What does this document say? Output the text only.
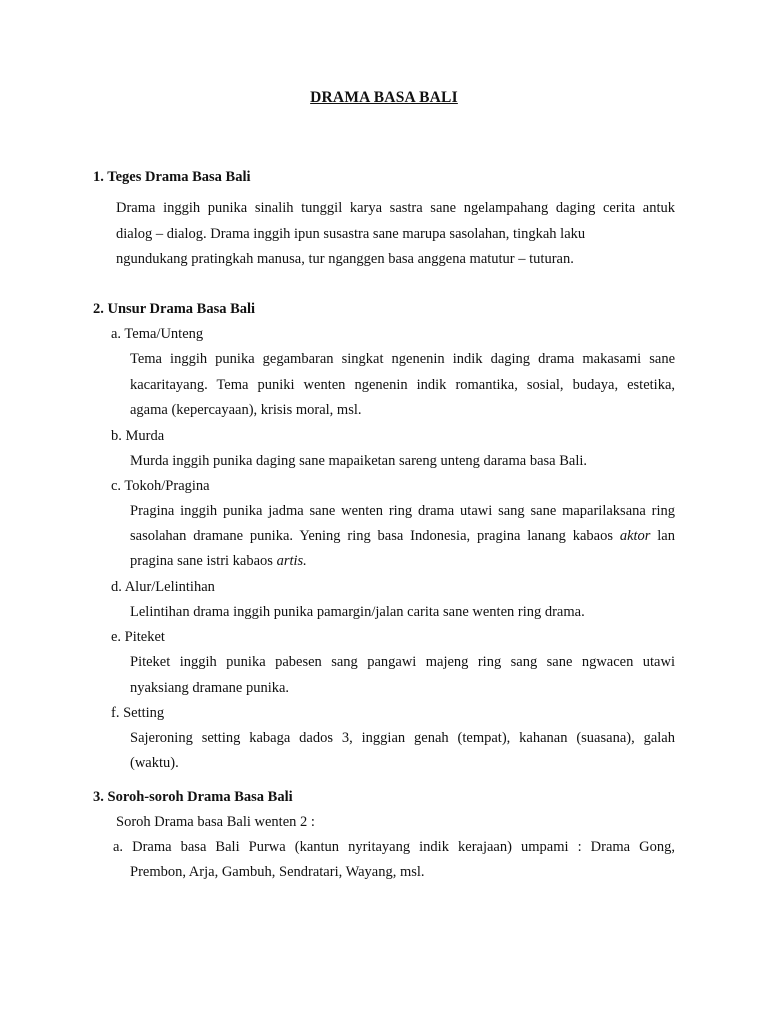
DRAMA BASA BALI
1. Teges Drama Basa Bali
Drama inggih punika sinalih tunggil karya sastra sane ngelampahang daging cerita antuk
dialog – dialog. Drama inggih ipun susastra sane marupa sasolahan, tingkah laku
ngundukang pratingkah manusa, tur nganggen basa anggena matutur – tuturan.
2. Unsur Drama Basa Bali
a. Tema/Unteng
Tema inggih punika gegambaran singkat ngenenin indik daging drama makasami sane
kacaritayang. Tema puniki wenten ngenenin indik romantika, sosial, budaya, estetika,
agama (kepercayaan), krisis moral, msl.
b. Murda
Murda inggih punika daging sane mapaiketan sareng unteng darama basa Bali.
c. Tokoh/Pragina
Pragina inggih punika jadma sane wenten ring drama utawi sang sane maparilaksana ring
sasolahan dramane punika. Yening ring basa Indonesia, pragina lanang kabaos aktor lan
pragina sane istri kabaos artis.
d. Alur/Lelintihan
Lelintihan drama inggih punika pamargin/jalan carita sane wenten ring drama.
e. Piteket
Piteket inggih punika pabesen sang pangawi majeng ring sang sane ngwacen utawi
nyaksiang dramane punika.
f. Setting
Sajeroning setting kabaga dados 3, inggian genah (tempat), kahanan (suasana), galah
(waktu).
3. Soroh-soroh Drama Basa Bali
Soroh Drama basa Bali wenten 2 :
a. Drama basa Bali Purwa (kantun nyritayang indik kerajaan) umpami : Drama Gong,
Prembon, Arja, Gambuh, Sendratari, Wayang, msl.
